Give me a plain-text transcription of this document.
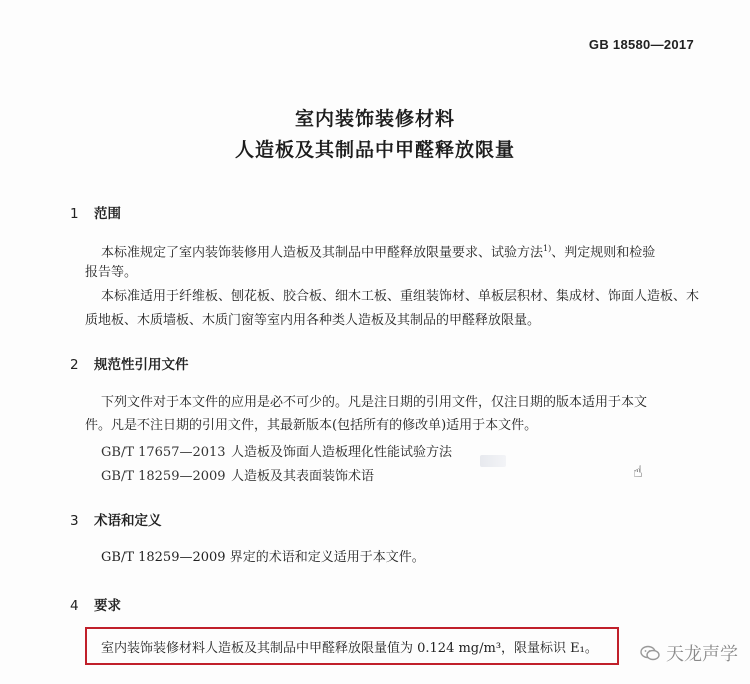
GB 18580—2017
室内装饰装修材料
人造板及其制品中甲醛释放限量
1 范围
本标准规定了室内装饰装修用人造板及其制品中甲醛释放限量要求、试验方法$^{1)}$、判定规则和检验
报告等。
本标准适用于纤维板、刨花板、胶合板、细木工板、重组装饰材、单板层积材、集成材、饰面人造板、木
质地板、木质墙板、木质门窗等室内用各种类人造板及其制品的甲醛释放限量。
2 规范性引用文件
下列文件对于本文件的应用是必不可少的。凡是注日期的引用文件，仅注日期的版本适用于本文
件。凡是不注日期的引用文件，其最新版本(包括所有的修改单)适用于本文件。
GB/T 17657—2013 人造板及饰面人造板理化性能试验方法
GB/T 18259—2009 人造板及其表面装饰术语	☝
3 术语和定义
GB/T 18259—2009 界定的术语和定义适用于本文件。
4 要求
室内装饰装修材料人造板及其制品中甲醛释放限量值为 0.124 mg/m³，限量标识 E₁。	天龙声学
